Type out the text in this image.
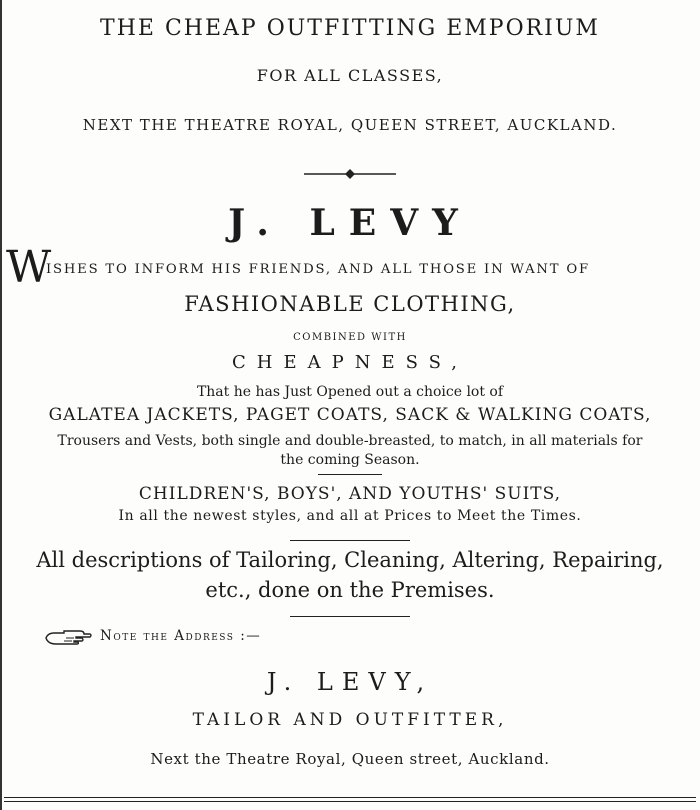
THE CHEAP OUTFITTING EMPORIUM
FOR ALL CLASSES,
NEXT THE THEATRE ROYAL, QUEEN STREET, AUCKLAND.
J. LEVY
W
ISHES TO INFORM HIS FRIENDS, AND ALL THOSE IN WANT OF
FASHIONABLE CLOTHING,
COMBINED WITH
CHEAPNESS,
That he has Just Opened out a choice lot of
GALATEA JACKETS, PAGET COATS, SACK & WALKING COATS,
Trousers and Vests, both single and double-breasted, to match, in all materials for
the coming Season.
CHILDREN'S, BOYS', AND YOUTHS' SUITS,
In all the newest styles, and all at Prices to Meet the Times.
All descriptions of Tailoring, Cleaning, Altering, Repairing,
etc., done on the Premises.
Note the Address :—
J. LEVY,
TAILOR AND OUTFITTER,
Next the Theatre Royal, Queen street, Auckland.
